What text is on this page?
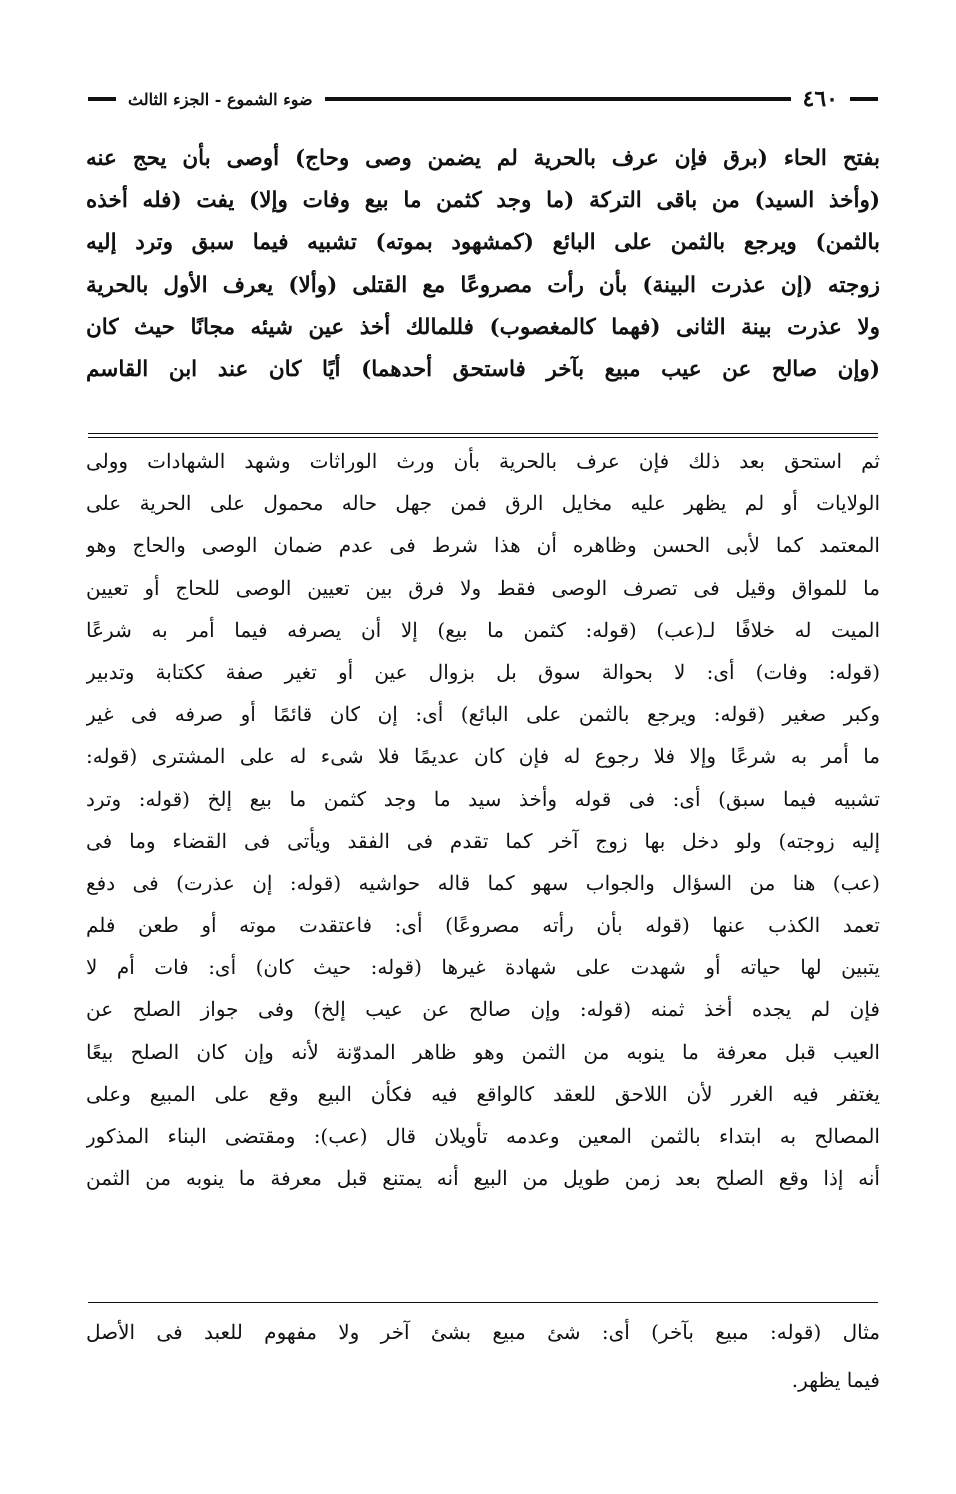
٤٦٠
ضوء الشموع - الجزء الثالث
بفتح الحاء (برق فإن عرف بالحرية لم يضمن وصى وحاج) أوصى بأن يحج عنه
(وأخذ السيد) من باقى التركة (ما وجد كثمن ما بيع وفات وإلا) يفت (فله أخذه
بالثمن) ويرجع بالثمن على البائع (كمشهود بموته) تشبيه فيما سبق وترد إليه
زوجته (إن عذرت البينة) بأن رأت مصروعًا مع القتلى (وألا) يعرف الأول بالحرية
ولا عذرت بينة الثانى (فهما كالمغصوب) فللمالك أخذ عين شيئه مجانًا حيث كان
(وإن صالح عن عيب مبيع بآخر فاستحق أحدهما) أيًا كان عند ابن القاسم
ثم استحق بعد ذلك فإن عرف بالحرية بأن ورث الوراثات وشهد الشهادات وولى
الولايات أو لم يظهر عليه مخايل الرق فمن جهل حاله محمول على الحرية على
المعتمد كما لأبى الحسن وظاهره أن هذا شرط فى عدم ضمان الوصى والحاج وهو
ما للمواق وقيل فى تصرف الوصى فقط ولا فرق بين تعيين الوصى للحاج أو تعيين
الميت له خلافًا لـ(عب) (قوله: كثمن ما بيع) إلا أن يصرفه فيما أمر به شرعًا
(قوله: وفات) أى: لا بحوالة سوق بل بزوال عين أو تغير صفة ككتابة وتدبير
وكبر صغير (قوله: ويرجع بالثمن على البائع) أى: إن كان قائمًا أو صرفه فى غير
ما أمر به شرعًا وإلا فلا رجوع له فإن كان عديمًا فلا شىء له على المشترى (قوله:
تشبيه فيما سبق) أى: فى قوله وأخذ سيد ما وجد كثمن ما بيع إلخ (قوله: وترد
إليه زوجته) ولو دخل بها زوج آخر كما تقدم فى الفقد ويأتى فى القضاء وما فى
(عب) هنا من السؤال والجواب سهو كما قاله حواشيه (قوله: إن عذرت) فى دفع
تعمد الكذب عنها (قوله بأن رأته مصروعًا) أى: فاعتقدت موته أو طعن فلم
يتبين لها حياته أو شهدت على شهادة غيرها (قوله: حيث كان) أى: فات أم لا
فإن لم يجده أخذ ثمنه (قوله: وإن صالح عن عيب إلخ) وفى جواز الصلح عن
العيب قبل معرفة ما ينوبه من الثمن وهو ظاهر المدوّنة لأنه وإن كان الصلح بيعًا
يغتفر فيه الغرر لأن اللاحق للعقد كالواقع فيه فكأن البيع وقع على المبيع وعلى
المصالح به ابتداء بالثمن المعين وعدمه تأويلان قال (عب): ومقتضى البناء المذكور
أنه إذا وقع الصلح بعد زمن طويل من البيع أنه يمتنع قبل معرفة ما ينوبه من الثمن
مثال (قوله: مبيع بآخر) أى: شئ مبيع بشئ آخر ولا مفهوم للعبد فى الأصل
فيما يظهر.
